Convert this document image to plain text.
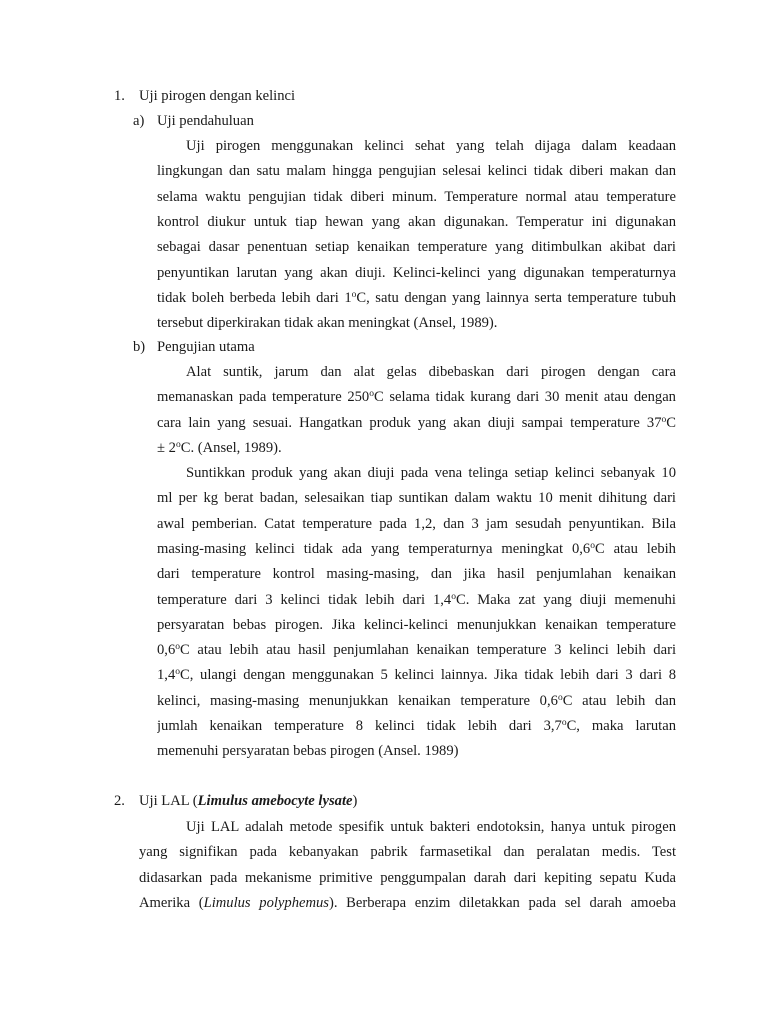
1. Uji pirogen dengan kelinci
a) Uji pendahuluan
Uji pirogen menggunakan kelinci sehat yang telah dijaga dalam keadaan
lingkungan dan satu malam hingga pengujian selesai kelinci tidak diberi makan dan
selama waktu pengujian tidak diberi minum. Temperature normal atau temperature
kontrol diukur untuk tiap hewan yang akan digunakan. Temperatur ini digunakan
sebagai dasar penentuan setiap kenaikan temperature yang ditimbulkan akibat dari
penyuntikan larutan yang akan diuji. Kelinci-kelinci yang digunakan temperaturnya
tidak boleh berbeda lebih dari 1$^o$C, satu dengan yang lainnya serta temperature tubuh
tersebut diperkirakan tidak akan meningkat (Ansel, 1989).
b) Pengujian utama
Alat suntik, jarum dan alat gelas dibebaskan dari pirogen dengan cara
memanaskan pada temperature 250$^o$C selama tidak kurang dari 30 menit atau dengan
cara lain yang sesuai. Hangatkan produk yang akan diuji sampai temperature $37^oC$
± $2^oC$. (Ansel, 1989).
Suntikkan produk yang akan diuji pada vena telinga setiap kelinci sebanyak 10
ml per kg berat badan, selesaikan tiap suntikan dalam waktu 10 menit dihitung dari
awal pemberian. Catat temperature pada 1,2, dan 3 jam sesudah penyuntikan. Bila
masing-masing kelinci tidak ada yang temperaturnya meningkat 0,6$^o$C atau lebih
dari temperature kontrol masing-masing, dan jika hasil penjumlahan kenaikan
temperature dari 3 kelinci tidak lebih dari 1,4$^o$C. Maka zat yang diuji memenuhi
persyaratan bebas pirogen. Jika kelinci-kelinci menunjukkan kenaikan temperature
0,6$^o$C atau lebih atau hasil penjumlahan kenaikan temperature 3 kelinci lebih dari
1,4$^o$C, ulangi dengan menggunakan 5 kelinci lainnya. Jika tidak lebih dari 3 dari 8
kelinci, masing-masing menunjukkan kenaikan temperature 0,6$^o$C atau lebih dan
jumlah kenaikan temperature 8 kelinci tidak lebih dari 3,7$^o$C, maka larutan
memenuhi persyaratan bebas pirogen (Ansel. 1989)
2. Uji LAL (Limulus amebocyte lysate)
Uji LAL adalah metode spesifik untuk bakteri endotoksin, hanya untuk pirogen
yang signifikan pada kebanyakan pabrik farmasetikal dan peralatan medis. Test
didasarkan pada mekanisme primitive penggumpalan darah dari kepiting sepatu Kuda
Amerika (Limulus polyphemus). Berberapa enzim diletakkan pada sel darah amoeba
